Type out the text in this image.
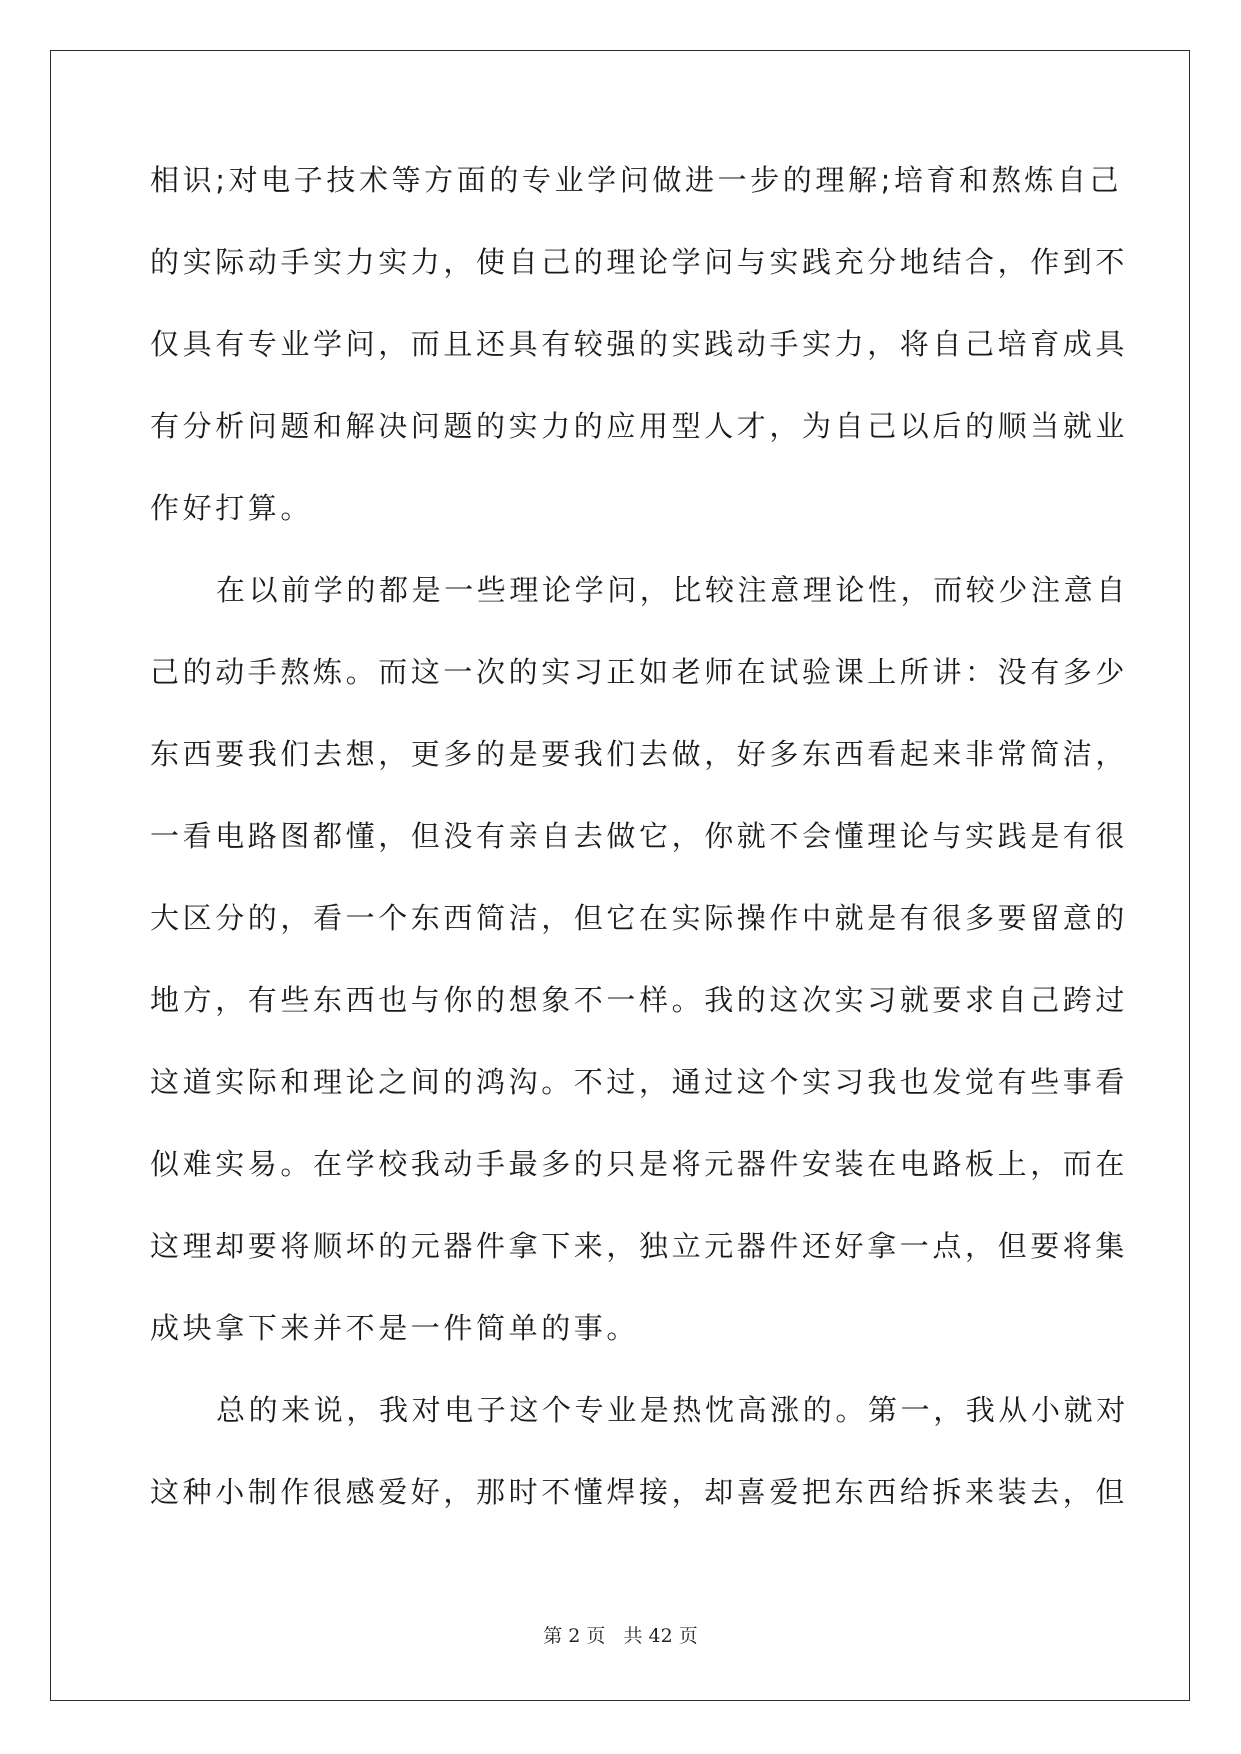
相识;对电子技术等方面的专业学问做进一步的理解;培育和熬炼自己
的实际动手实力实力，使自己的理论学问与实践充分地结合，作到不
仅具有专业学问，而且还具有较强的实践动手实力，将自己培育成具
有分析问题和解决问题的实力的应用型人才，为自己以后的顺当就业
作好打算。
在以前学的都是一些理论学问，比较注意理论性，而较少注意自
己的动手熬炼。而这一次的实习正如老师在试验课上所讲：没有多少
东西要我们去想，更多的是要我们去做，好多东西看起来非常简洁，
一看电路图都懂，但没有亲自去做它，你就不会懂理论与实践是有很
大区分的，看一个东西简洁，但它在实际操作中就是有很多要留意的
地方，有些东西也与你的想象不一样。我的这次实习就要求自己跨过
这道实际和理论之间的鸿沟。不过，通过这个实习我也发觉有些事看
似难实易。在学校我动手最多的只是将元器件安装在电路板上，而在
这理却要将顺坏的元器件拿下来，独立元器件还好拿一点，但要将集
成块拿下来并不是一件简单的事。
总的来说，我对电子这个专业是热忱高涨的。第一，我从小就对
这种小制作很感爱好，那时不懂焊接，却喜爱把东西给拆来装去，但
第 2 页 共 42 页
